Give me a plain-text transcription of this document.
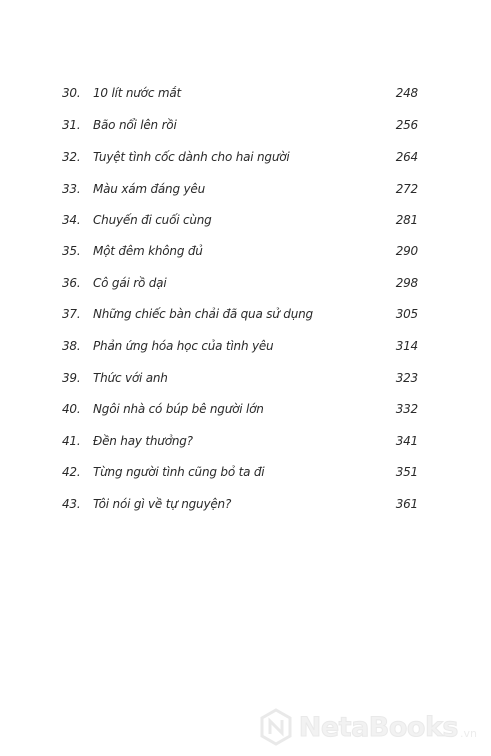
30. 10 lít nước mắt	248
31. Bão nổi lên rồi	256
32. Tuyệt tình cốc dành cho hai người	264
33. Màu xám đáng yêu	272
34. Chuyến đi cuối cùng	281
35. Một đêm không đủ	290
36. Cô gái rồ dại	298
37. Những chiếc bàn chải đã qua sử dụng	305
38. Phản ứng hóa học của tình yêu	314
39. Thức với anh	323
40. Ngôi nhà có búp bê người lớn	332
41. Đền hay thưởng?	341
42. Từng người tình cũng bỏ ta đi	351
43. Tôi nói gì về tự nguyện?	361
NetaBooks .vn
